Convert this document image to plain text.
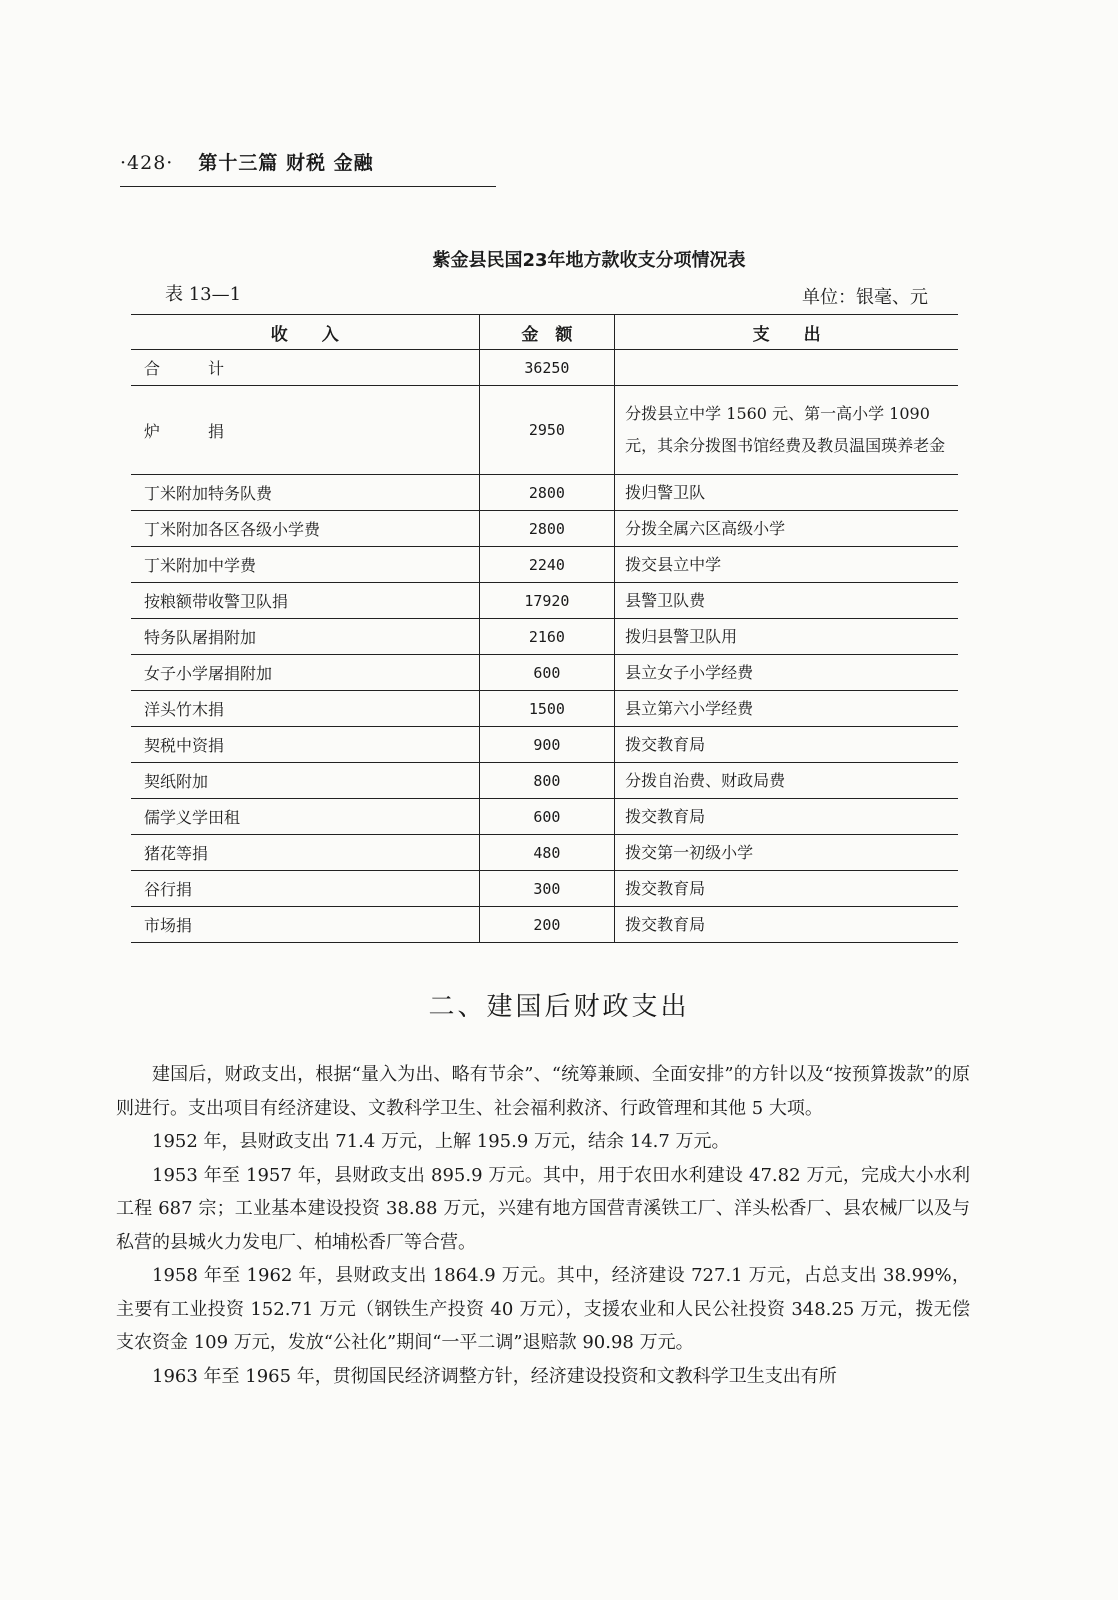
·428· 第十三篇 财税 金融
紫金县民国23年地方款收支分项情况表
表 13—1	单位：银毫、元
收　　入	金　额	支　　出
合　　　计	36250	
炉　　　捐	2950	分拨县立中学 1560 元、第一高小学 1090 元，其余分拨图书馆经费及教员温国瑛养老金
丁米附加特务队费	2800	拨归警卫队
丁米附加各区各级小学费	2800	分拨全属六区高级小学
丁米附加中学费	2240	拨交县立中学
按粮额带收警卫队捐	17920	县警卫队费
特务队屠捐附加	2160	拨归县警卫队用
女子小学屠捐附加	600	县立女子小学经费
洋头竹木捐	1500	县立第六小学经费
契税中资捐	900	拨交教育局
契纸附加	800	分拨自治费、财政局费
儒学义学田租	600	拨交教育局
猪花等捐	480	拨交第一初级小学
谷行捐	300	拨交教育局
市场捐	200	拨交教育局
二、建国后财政支出

建国后，财政支出，根据“量入为出、略有节余”、“统筹兼顾、全面安排”的方针以及“按预算拨款”的原则进行。支出项目有经济建设、文教科学卫生、社会福利救济、行政管理和其他 5 大项。

1952 年，县财政支出 71.4 万元，上解 195.9 万元，结余 14.7 万元。

1953 年至 1957 年，县财政支出 895.9 万元。其中，用于农田水利建设 47.82 万元，完成大小水利工程 687 宗；工业基本建设投资 38.88 万元，兴建有地方国营青溪铁工厂、洋头松香厂、县农械厂以及与私营的县城火力发电厂、柏埔松香厂等合营。

1958 年至 1962 年，县财政支出 1864.9 万元。其中，经济建设 727.1 万元，占总支出 38.99%，主要有工业投资 152.71 万元（钢铁生产投资 40 万元），支援农业和人民公社投资 348.25 万元，拨无偿支农资金 109 万元，发放“公社化”期间“一平二调”退赔款 90.98 万元。

1963 年至 1965 年，贯彻国民经济调整方针，经济建设投资和文教科学卫生支出有所
